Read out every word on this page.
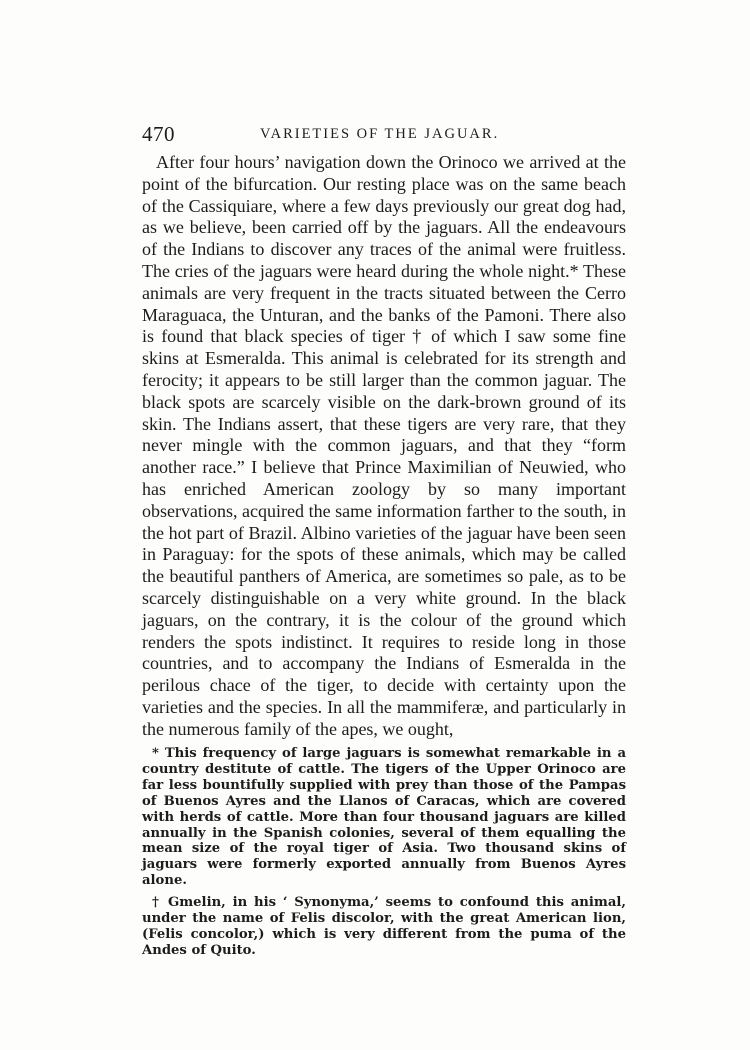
470	VARIETIES OF THE JAGUAR.

After four hours’ navigation down the Orinoco we arrived at the point of the bifurcation. Our resting place was on the same beach of the Cassiquiare, where a few days previously our great dog had, as we believe, been carried off by the jaguars. All the endeavours of the Indians to discover any traces of the animal were fruitless. The cries of the jaguars were heard during the whole night.* These animals are very frequent in the tracts situated between the Cerro Maraguaca, the Unturan, and the banks of the Pamoni. There also is found that black species of tiger † of which I saw some fine skins at Esmeralda. This animal is celebrated for its strength and ferocity; it appears to be still larger than the common jaguar. The black spots are scarcely visible on the dark-brown ground of its skin. The Indians assert, that these tigers are very rare, that they never mingle with the common jaguars, and that they “form another race.” I believe that Prince Maximilian of Neuwied, who has enriched American zoology by so many important observations, acquired the same information farther to the south, in the hot part of Brazil. Albino varieties of the jaguar have been seen in Paraguay: for the spots of these animals, which may be called the beautiful panthers of America, are sometimes so pale, as to be scarcely distinguishable on a very white ground. In the black jaguars, on the contrary, it is the colour of the ground which renders the spots indistinct. It requires to reside long in those countries, and to accompany the Indians of Esmeralda in the perilous chace of the tiger, to decide with certainty upon the varieties and the species. In all the mammiferæ, and particularly in the numerous family of the apes, we ought,

* This frequency of large jaguars is somewhat remarkable in a country destitute of cattle. The tigers of the Upper Orinoco are far less bountifully supplied with prey than those of the Pampas of Buenos Ayres and the Llanos of Caracas, which are covered with herds of cattle. More than four thousand jaguars are killed annually in the Spanish colonies, several of them equalling the mean size of the royal tiger of Asia. Two thousand skins of jaguars were formerly exported annually from Buenos Ayres alone.

† Gmelin, in his ‘ Synonyma,’ seems to confound this animal, under the name of Felis discolor, with the great American lion, (Felis concolor,) which is very different from the puma of the Andes of Quito.
